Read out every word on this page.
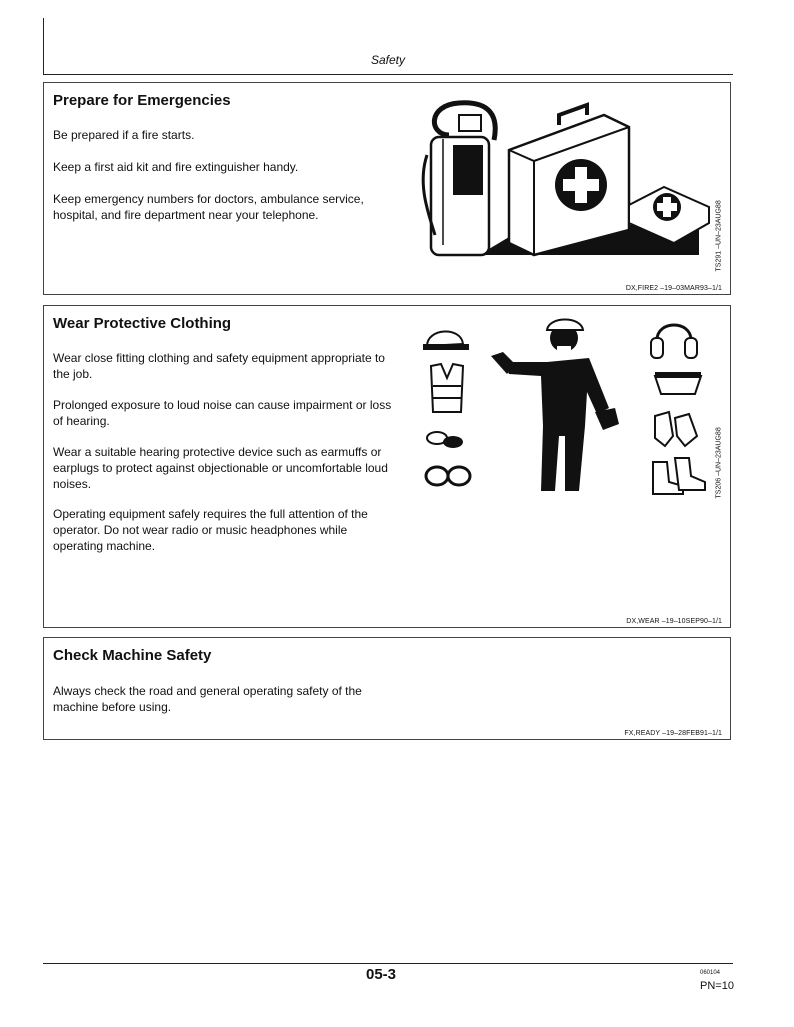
Safety
Prepare for Emergencies

Be prepared if a fire starts.

Keep a first aid kit and fire extinguisher handy.

Keep emergency numbers for doctors, ambulance service, hospital, and fire department near your telephone.	TS291 –UN–23AUG88
DX,FIRE2 –19–03MAR93–1/1
Wear Protective Clothing

Wear close fitting clothing and safety equipment appropriate to the job.

Prolonged exposure to loud noise can cause impairment or loss of hearing.

Wear a suitable hearing protective device such as earmuffs or earplugs to protect against objectionable or uncomfortable loud noises.

Operating equipment safely requires the full attention of the operator. Do not wear radio or music headphones while operating machine.

TS206 –UN–23AUG88
DX,WEAR –19–10SEP90–1/1
Check Machine Safety

Always check the road and general operating safety of the machine before using.

FX,READY –19–28FEB91–1/1
05-3	060104
PN=10
